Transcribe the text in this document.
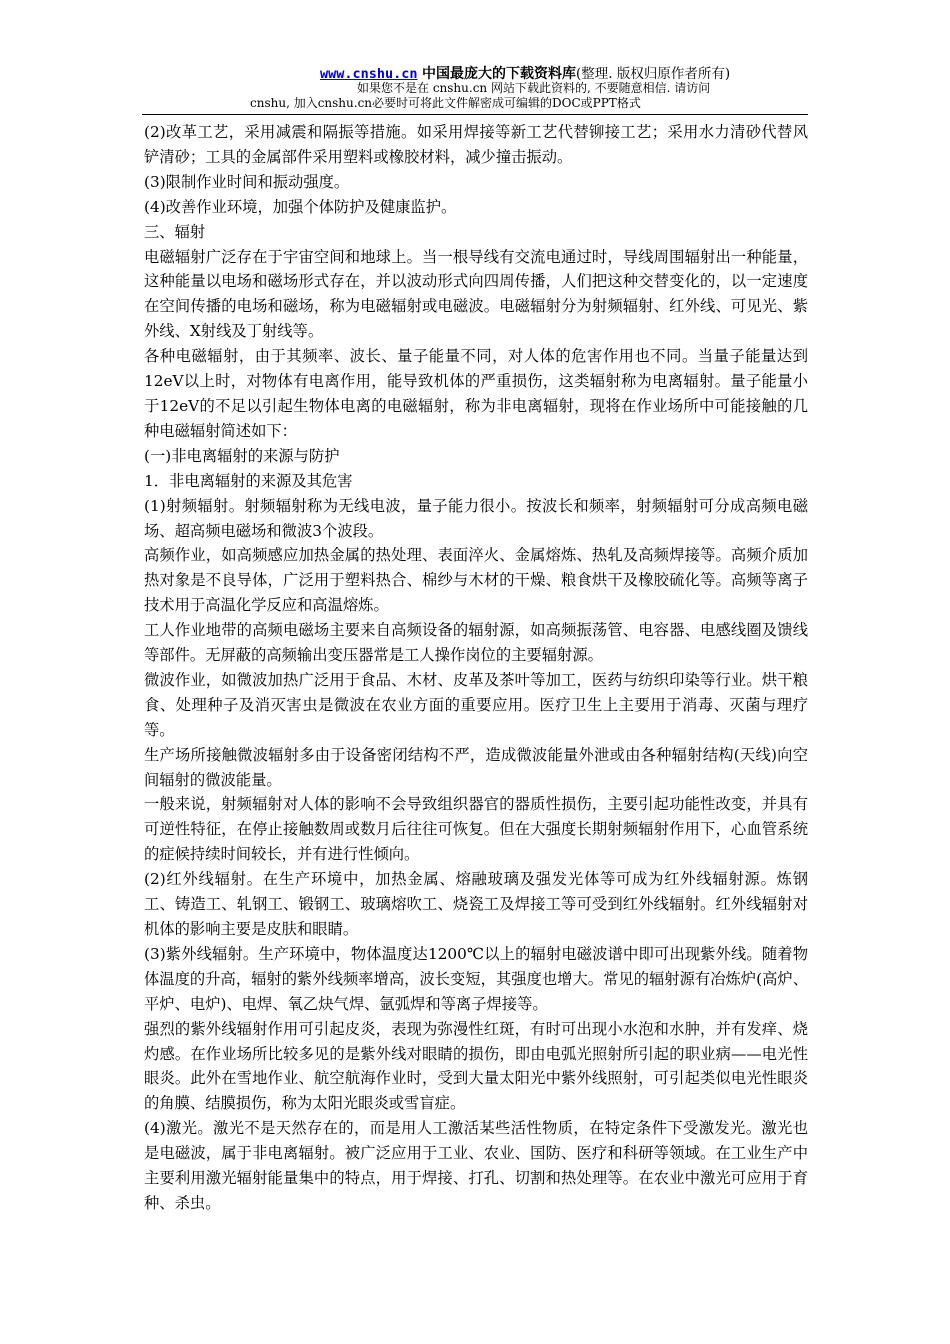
www.cnshu.cn 中国最庞大的下载资料库(整理. 版权归原作者所有)
如果您不是在 cnshu.cn 网站下载此资料的, 不要随意相信. 请访问
cnshu, 加入cnshu.cn必要时可将此文件解密成可编辑的DOC或PPT格式

(2)改革工艺，采用减震和隔振等措施。如采用焊接等新工艺代替铆接工艺；采用水力清砂代替风铲清砂；工具的金属部件采用塑料或橡胶材料，减少撞击振动。

(3)限制作业时间和振动强度。

(4)改善作业环境，加强个体防护及健康监护。

三、辐射

电磁辐射广泛存在于宇宙空间和地球上。当一根导线有交流电通过时，导线周围辐射出一种能量，这种能量以电场和磁场形式存在，并以波动形式向四周传播，人们把这种交替变化的，以一定速度在空间传播的电场和磁场，称为电磁辐射或电磁波。电磁辐射分为射频辐射、红外线、可见光、紫外线、X射线及丁射线等。

各种电磁辐射，由于其频率、波长、量子能量不同，对人体的危害作用也不同。当量子能量达到12eV以上时，对物体有电离作用，能导致机体的严重损伤，这类辐射称为电离辐射。量子能量小于12eV的不足以引起生物体电离的电磁辐射，称为非电离辐射，现将在作业场所中可能接触的几种电磁辐射简述如下：

(一)非电离辐射的来源与防护

1．非电离辐射的来源及其危害

(1)射频辐射。射频辐射称为无线电波，量子能力很小。按波长和频率，射频辐射可分成高频电磁场、超高频电磁场和微波3个波段。

高频作业，如高频感应加热金属的热处理、表面淬火、金属熔炼、热轧及高频焊接等。高频介质加热对象是不良导体，广泛用于塑料热合、棉纱与木材的干燥、粮食烘干及橡胶硫化等。高频等离子技术用于高温化学反应和高温熔炼。

工人作业地带的高频电磁场主要来自高频设备的辐射源，如高频振荡管、电容器、电感线圈及馈线等部件。无屏蔽的高频输出变压器常是工人操作岗位的主要辐射源。

微波作业，如微波加热广泛用于食品、木材、皮革及茶叶等加工，医药与纺织印染等行业。烘干粮食、处理种子及消灭害虫是微波在农业方面的重要应用。医疗卫生上主要用于消毒、灭菌与理疗等。

生产场所接触微波辐射多由于设备密闭结构不严，造成微波能量外泄或由各种辐射结构(天线)向空间辐射的微波能量。

一般来说，射频辐射对人体的影响不会导致组织器官的器质性损伤，主要引起功能性改变，并具有可逆性特征，在停止接触数周或数月后往往可恢复。但在大强度长期射频辐射作用下，心血管系统的症候持续时间较长，并有进行性倾向。

(2)红外线辐射。在生产环境中，加热金属、熔融玻璃及强发光体等可成为红外线辐射源。炼钢工、铸造工、轧钢工、锻钢工、玻璃熔吹工、烧瓷工及焊接工等可受到红外线辐射。红外线辐射对机体的影响主要是皮肤和眼睛。

(3)紫外线辐射。生产环境中，物体温度达1200℃以上的辐射电磁波谱中即可出现紫外线。随着物体温度的升高，辐射的紫外线频率增高，波长变短，其强度也增大。常见的辐射源有冶炼炉(高炉、平炉、电炉)、电焊、氧乙炔气焊、氩弧焊和等离子焊接等。

强烈的紫外线辐射作用可引起皮炎，表现为弥漫性红斑，有时可出现小水泡和水肿，并有发痒、烧灼感。在作业场所比较多见的是紫外线对眼睛的损伤，即由电弧光照射所引起的职业病——电光性眼炎。此外在雪地作业、航空航海作业时，受到大量太阳光中紫外线照射，可引起类似电光性眼炎的角膜、结膜损伤，称为太阳光眼炎或雪盲症。

(4)激光。激光不是天然存在的，而是用人工激活某些活性物质，在特定条件下受激发光。激光也是电磁波，属于非电离辐射。被广泛应用于工业、农业、国防、医疗和科研等领域。在工业生产中主要利用激光辐射能量集中的特点，用于焊接、打孔、切割和热处理等。在农业中激光可应用于育种、杀虫。
